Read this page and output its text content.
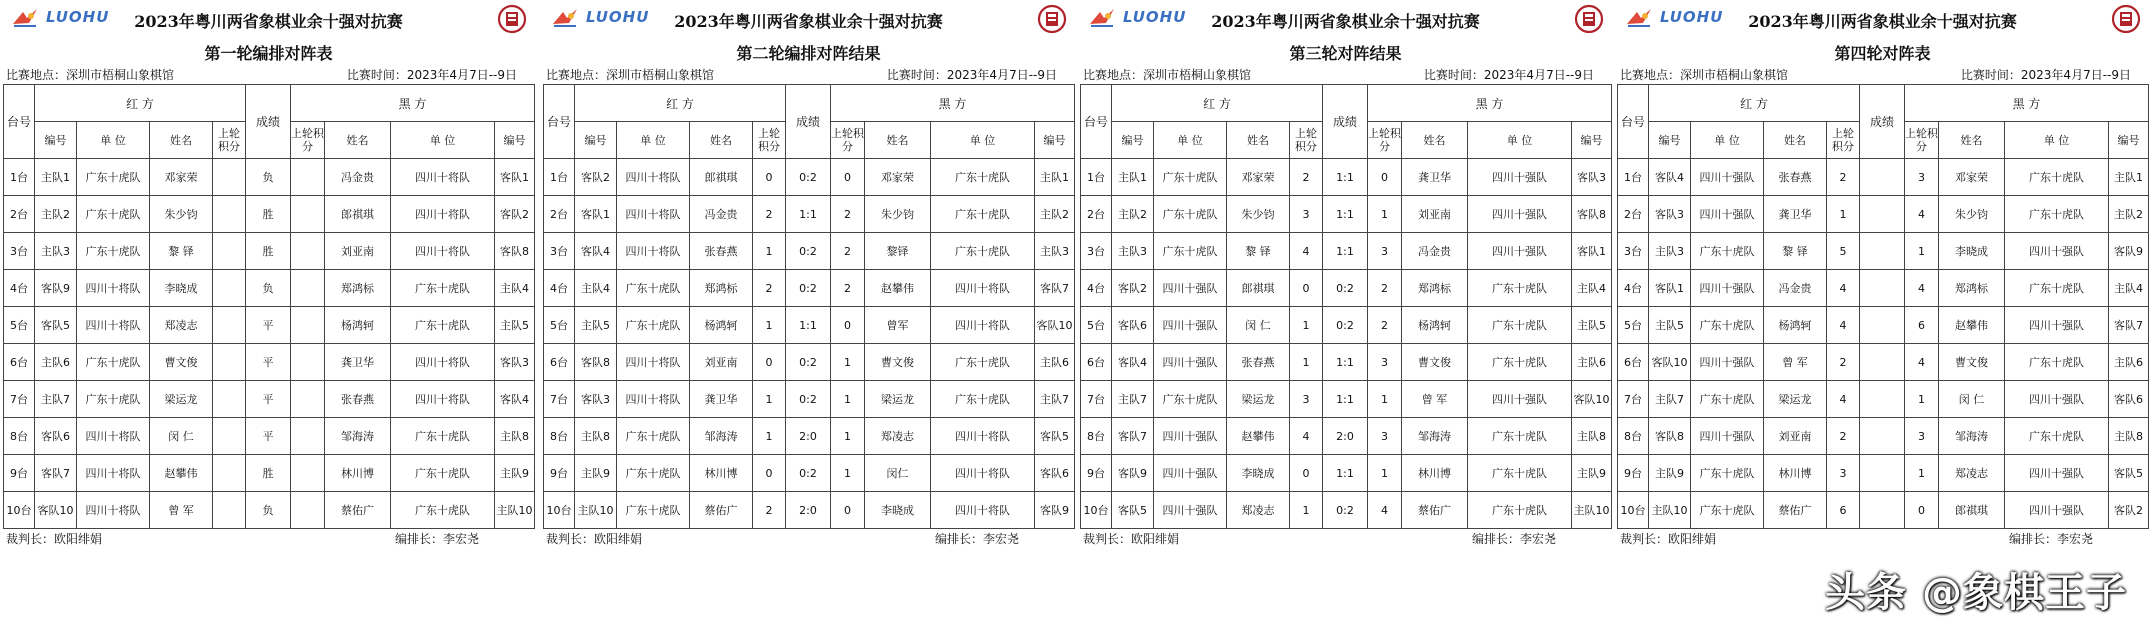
LUOHU	2023年粤川两省象棋业余十强对抗赛
第一轮编排对阵表
比赛地点：深圳市梧桐山象棋馆	比赛时间：2023年4月7日--9日
台号	红 方				成绩	黑 方			
	编号	单 位	姓名	上轮积分		上轮积分	姓名	单 位	编号
1台	主队1	广东十虎队	邓家荣		负		冯金贵	四川十将队	客队1
2台	主队2	广东十虎队	朱少钧		胜		郎祺琪	四川十将队	客队2
3台	主队3	广东十虎队	黎 铎		胜		刘亚南	四川十将队	客队8
4台	客队9	四川十将队	李晓成		负		郑鸿标	广东十虎队	主队4
5台	客队5	四川十将队	郑凌志		平		杨鸿轲	广东十虎队	主队5
6台	主队6	广东十虎队	曹文俊		平		龚卫华	四川十将队	客队3
7台	主队7	广东十虎队	梁运龙		平		张春燕	四川十将队	客队4
8台	客队6	四川十将队	闵 仁		平		邹海涛	广东十虎队	主队8
9台	客队7	四川十将队	赵攀伟		胜		林川博	广东十虎队	主队9
10台	客队10	四川十将队	曾 军		负		蔡佑广	广东十虎队	主队10
裁判长：欧阳绯娟	编排长：李宏尧
LUOHU	2023年粤川两省象棋业余十强对抗赛
第二轮编排对阵结果
比赛地点：深圳市梧桐山象棋馆	比赛时间：2023年4月7日--9日
台号	红 方				成绩	黑 方			
	编号	单 位	姓名	上轮积分		上轮积分	姓名	单 位	编号
1台	客队2	四川十将队	郎祺琪	0	0:2	0	邓家荣	广东十虎队	主队1
2台	客队1	四川十将队	冯金贵	2	1:1	2	朱少钧	广东十虎队	主队2
3台	客队4	四川十将队	张春燕	1	0:2	2	黎铎	广东十虎队	主队3
4台	主队4	广东十虎队	郑鸿标	2	0:2	2	赵攀伟	四川十将队	客队7
5台	主队5	广东十虎队	杨鸿轲	1	1:1	0	曾军	四川十将队	客队10
6台	客队8	四川十将队	刘亚南	0	0:2	1	曹文俊	广东十虎队	主队6
7台	客队3	四川十将队	龚卫华	1	0:2	1	梁运龙	广东十虎队	主队7
8台	主队8	广东十虎队	邹海涛	1	2:0	1	郑凌志	四川十将队	客队5
9台	主队9	广东十虎队	林川博	0	0:2	1	闵仁	四川十将队	客队6
10台	主队10	广东十虎队	蔡佑广	2	2:0	0	李晓成	四川十将队	客队9
裁判长：欧阳绯娟	编排长：李宏尧
LUOHU	2023年粤川两省象棋业余十强对抗赛
第三轮对阵结果
比赛地点：深圳市梧桐山象棋馆	比赛时间：2023年4月7日--9日
台号	红 方				成绩	黑 方			
	编号	单 位	姓名	上轮积分		上轮积分	姓名	单 位	编号
1台	主队1	广东十虎队	邓家荣	2	1:1	0	龚卫华	四川十强队	客队3
2台	主队2	广东十虎队	朱少钧	3	1:1	1	刘亚南	四川十强队	客队8
3台	主队3	广东十虎队	黎 铎	4	1:1	3	冯金贵	四川十强队	客队1
4台	客队2	四川十强队	郎祺琪	0	0:2	2	郑鸿标	广东十虎队	主队4
5台	客队6	四川十强队	闵 仁	1	0:2	2	杨鸿轲	广东十虎队	主队5
6台	客队4	四川十强队	张春燕	1	1:1	3	曹文俊	广东十虎队	主队6
7台	主队7	广东十虎队	梁运龙	3	1:1	1	曾 军	四川十强队	客队10
8台	客队7	四川十强队	赵攀伟	4	2:0	3	邹海涛	广东十虎队	主队8
9台	客队9	四川十强队	李晓成	0	1:1	1	林川博	广东十虎队	主队9
10台	客队5	四川十强队	郑凌志	1	0:2	4	蔡佑广	广东十虎队	主队10
裁判长：欧阳绯娟	编排长：李宏尧
LUOHU	2023年粤川两省象棋业余十强对抗赛
第四轮对阵表
比赛地点：深圳市梧桐山象棋馆	比赛时间：2023年4月7日--9日
台号	红 方				成绩	黑 方			
	编号	单 位	姓名	上轮积分		上轮积分	姓名	单 位	编号
1台	客队4	四川十强队	张春燕	2		3	邓家荣	广东十虎队	主队1
2台	客队3	四川十强队	龚卫华	1		4	朱少钧	广东十虎队	主队2
3台	主队3	广东十虎队	黎 铎	5		1	李晓成	四川十强队	客队9
4台	客队1	四川十强队	冯金贵	4		4	郑鸿标	广东十虎队	主队4
5台	主队5	广东十虎队	杨鸿轲	4		6	赵攀伟	四川十强队	客队7
6台	客队10	四川十强队	曾 军	2		4	曹文俊	广东十虎队	主队6
7台	主队7	广东十虎队	梁运龙	4		1	闵 仁	四川十强队	客队6
8台	客队8	四川十强队	刘亚南	2		3	邹海涛	广东十虎队	主队8
9台	主队9	广东十虎队	林川博	3		1	郑凌志	四川十强队	客队5
10台	主队10	广东十虎队	蔡佑广	6		0	郎祺琪	四川十强队	客队2
裁判长：欧阳绯娟	编排长：李宏尧
头条 @象棋王子
